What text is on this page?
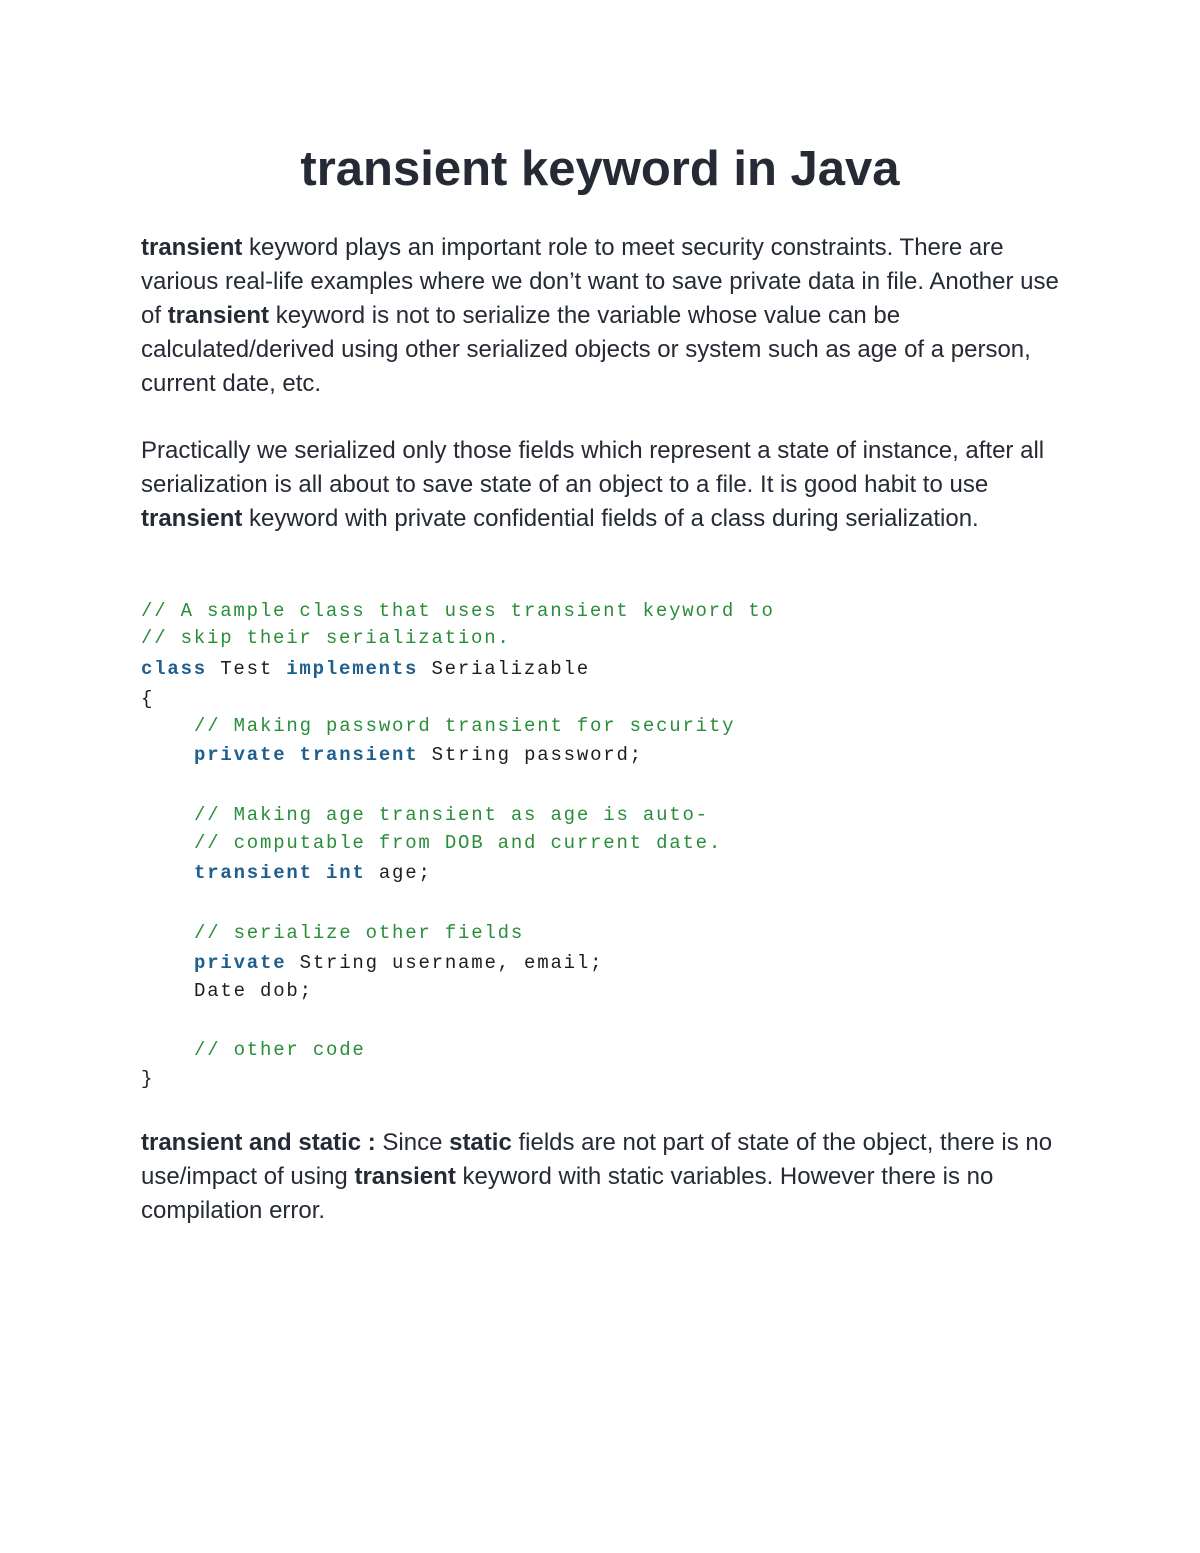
transient keyword in Java

transient keyword plays an important role to meet security constraints. There are various real-life examples where we don’t want to save private data in file. Another use of transient keyword is not to serialize the variable whose value can be calculated/derived using other serialized objects or system such as age of a person, current date, etc.

Practically we serialized only those fields which represent a state of instance, after all serialization is all about to save state of an object to a file. It is good habit to use transient keyword with private confidential fields of a class during serialization.

// A sample class that uses transient keyword to
// skip their serialization.
class Test implements Serializable
{
// Making password transient for security
private transient String password;
// Making age transient as age is auto-
// computable from DOB and current date.
transient int age;
// serialize other fields
private String username, email;
Date dob;
// other code
}

transient and static : Since static fields are not part of state of the object, there is no use/impact of using transient keyword with static variables. However there is no compilation error.
